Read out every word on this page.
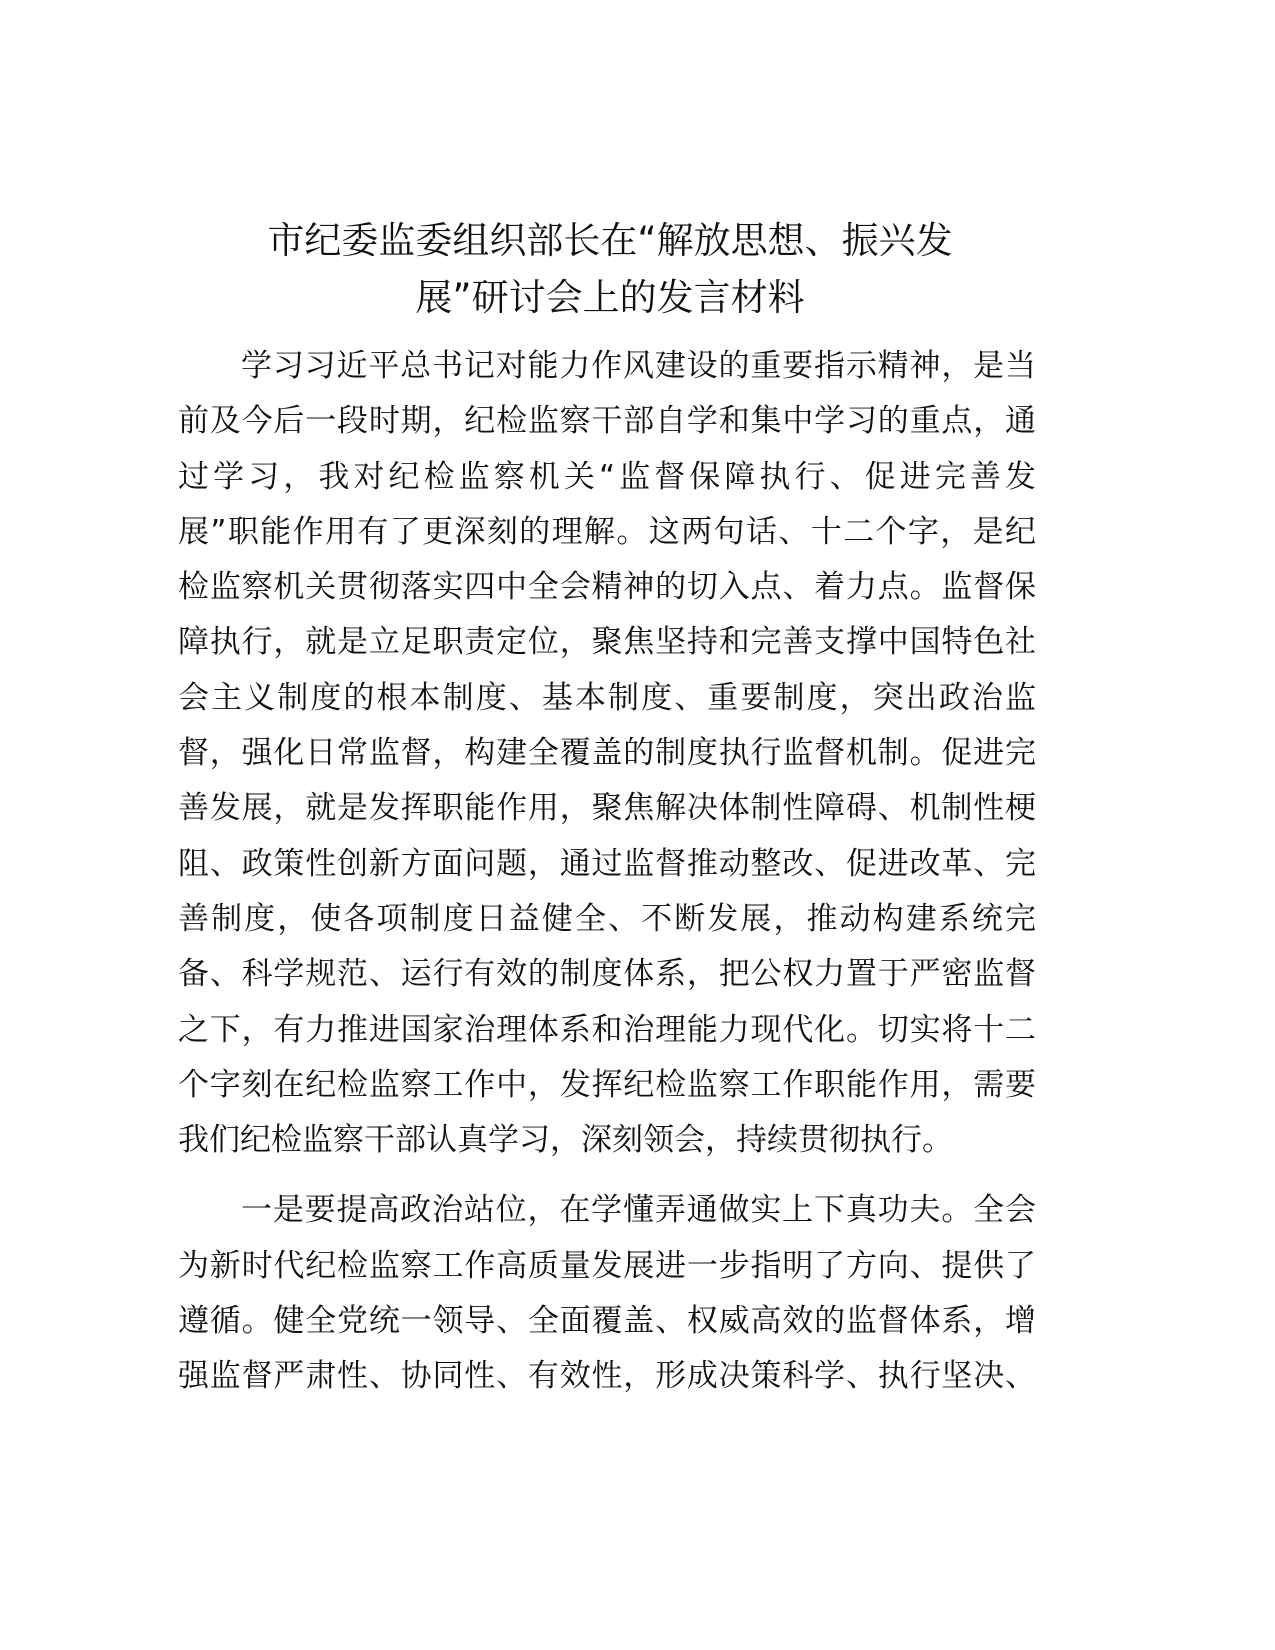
市纪委监委组织部长在“解放思想、振兴发
展”研讨会上的发言材料
学习习近平总书记对能力作风建设的重要指示精神，是当
前及今后一段时期，纪检监察干部自学和集中学习的重点，通
过学习，我对纪检监察机关“监督保障执行、促进完善发
展”职能作用有了更深刻的理解。这两句话、十二个字，是纪
检监察机关贯彻落实四中全会精神的切入点、着力点。监督保
障执行，就是立足职责定位，聚焦坚持和完善支撑中国特色社
会主义制度的根本制度、基本制度、重要制度，突出政治监
督，强化日常监督，构建全覆盖的制度执行监督机制。促进完
善发展，就是发挥职能作用，聚焦解决体制性障碍、机制性梗
阻、政策性创新方面问题，通过监督推动整改、促进改革、完
善制度，使各项制度日益健全、不断发展，推动构建系统完
备、科学规范、运行有效的制度体系，把公权力置于严密监督
之下，有力推进国家治理体系和治理能力现代化。切实将十二
个字刻在纪检监察工作中，发挥纪检监察工作职能作用，需要
我们纪检监察干部认真学习，深刻领会，持续贯彻执行。
一是要提高政治站位，在学懂弄通做实上下真功夫。全会
为新时代纪检监察工作高质量发展进一步指明了方向、提供了
遵循。健全党统一领导、全面覆盖、权威高效的监督体系，增
强监督严肃性、协同性、有效性，形成决策科学、执行坚决、
